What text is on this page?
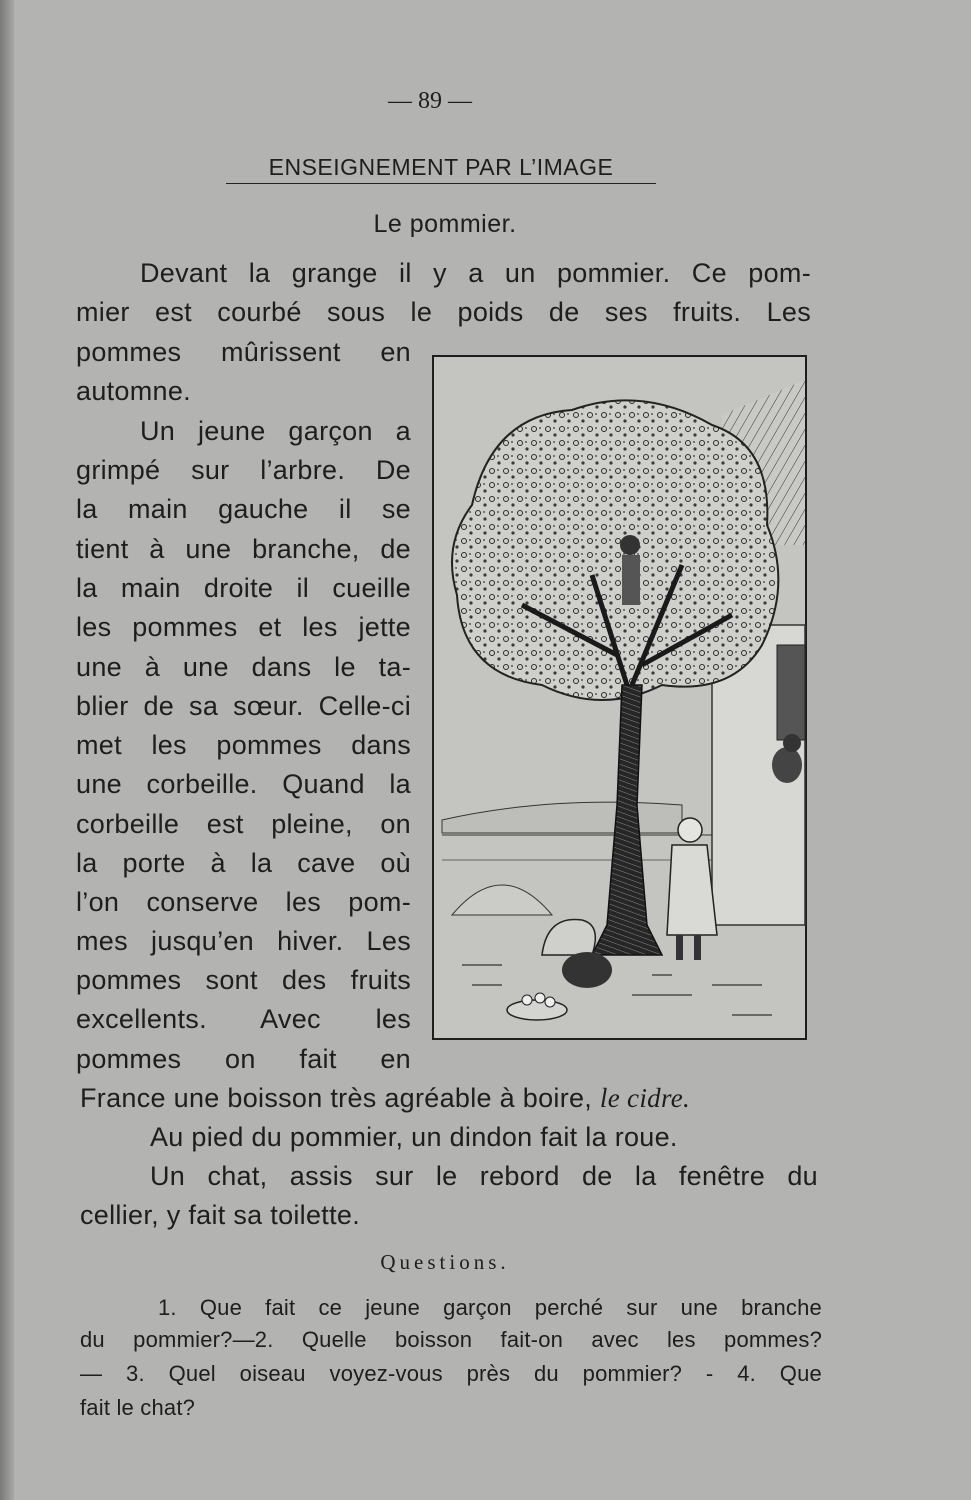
— 89 —
ENSEIGNEMENT PAR L’IMAGE
Le pommier.
Devant la grange il y a un pommier. Ce pom-
mier est courbé sous le poids de ses fruits. Les
pommes mûrissent en
automne.
Un jeune garçon a
grimpé sur l’arbre. De
la main gauche il se
tient à une branche, de
la main droite il cueille
les pommes et les jette
une à une dans le ta-
blier de sa sœur. Celle-ci
met les pommes dans
une corbeille. Quand la
corbeille est pleine, on
la porte à la cave où
l’on conserve les pom-
mes jusqu’en hiver. Les
pommes sont des fruits
excellents. Avec les
pommes on fait en
France une boisson très agréable à boire, le cidre.
Au pied du pommier, un dindon fait la roue.
Un chat, assis sur le rebord de la fenêtre du
cellier, y fait sa toilette.
Questions.
1. Que fait ce jeune garçon perché sur une branche
du pommier?—2. Quelle boisson fait-on avec les pommes?
— 3. Quel oiseau voyez-vous près du pommier? - 4. Que
fait le chat?
